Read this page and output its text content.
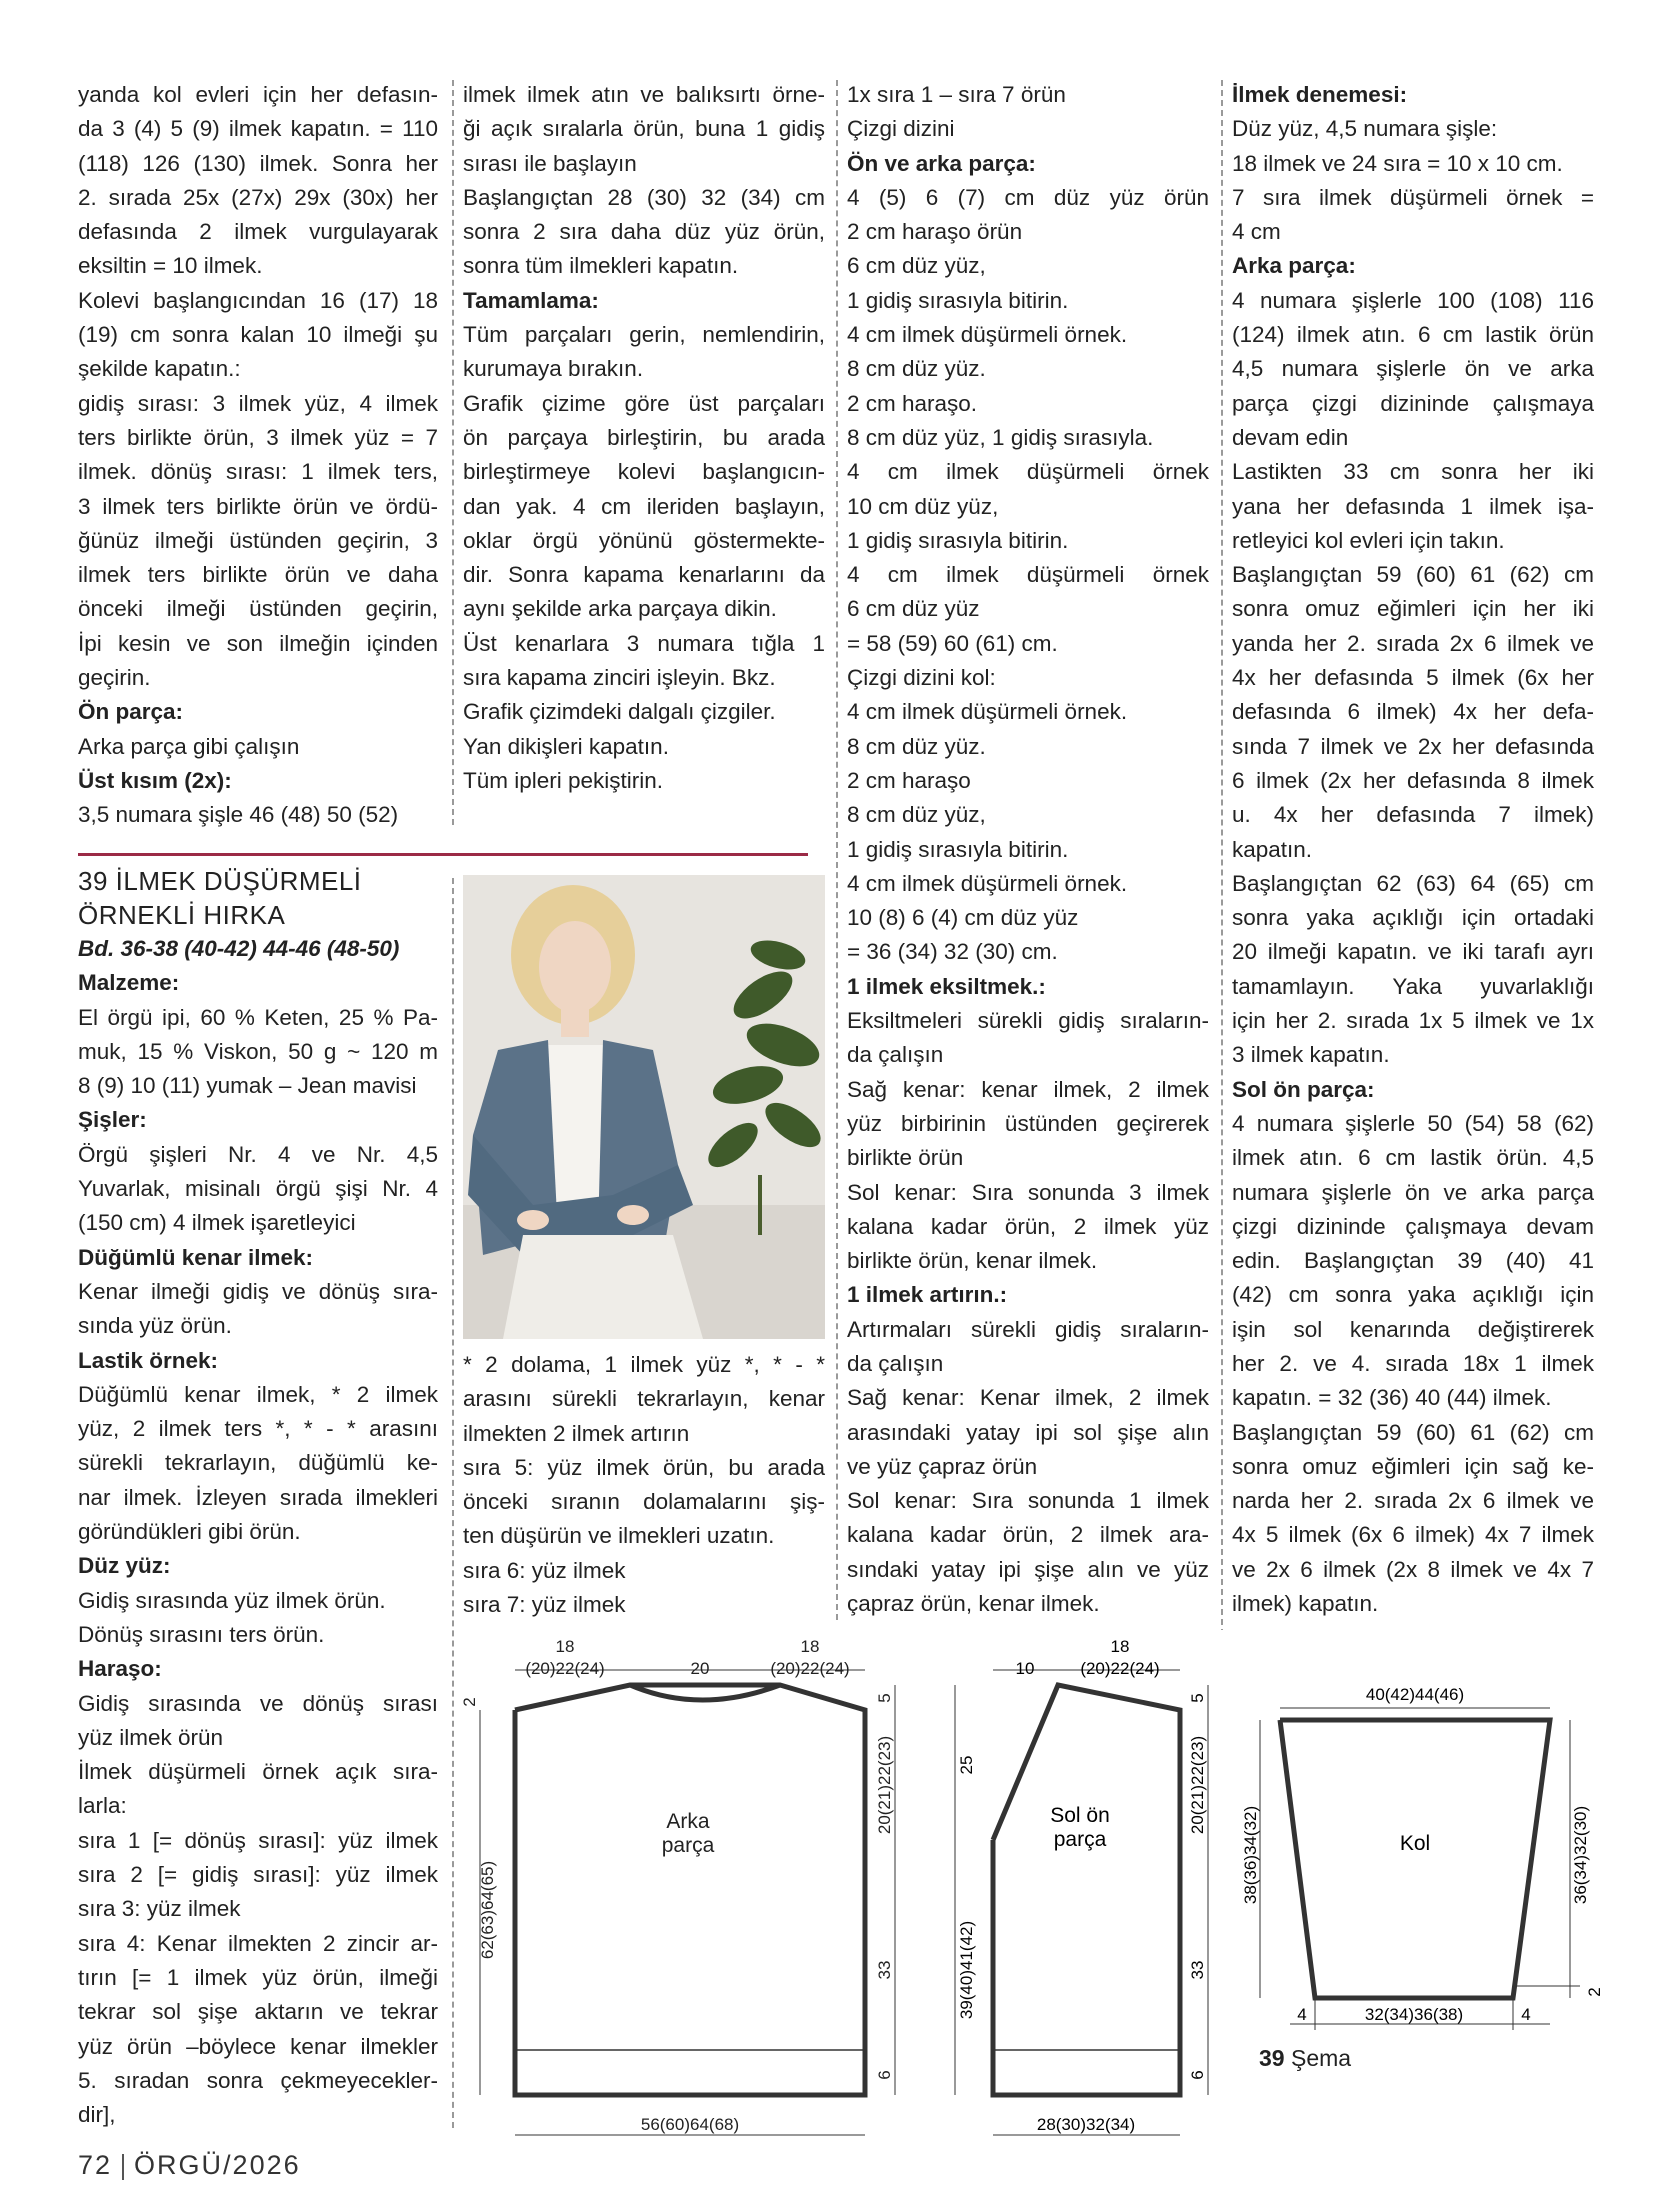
yanda kol evleri için her defasın-
da 3 (4) 5 (9) ilmek kapatın. = 110
(118) 126 (130) ilmek. Sonra her
2. sırada 25x (27x) 29x (30x) her
defasında 2 ilmek vurgulayarak
eksiltin = 10 ilmek.
Kolevi başlangıcından 16 (17) 18
(19) cm sonra kalan 10 ilmeği şu
şekilde kapatın.:
gidiş sırası: 3 ilmek yüz, 4 ilmek
ters birlikte örün, 3 ilmek yüz = 7
ilmek. dönüş sırası: 1 ilmek ters,
3 ilmek ters birlikte örün ve ördü-
ğünüz ilmeği üstünden geçirin, 3
ilmek ters birlikte örün ve daha
önceki ilmeği üstünden geçirin,
İpi kesin ve son ilmeğin içinden
geçirin.
Ön parça:
Arka parça gibi çalışın
Üst kısım (2x):
3,5 numara şişle 46 (48) 50 (52)
ilmek ilmek atın ve balıksırtı örne-
ği açık sıralarla örün, buna 1 gidiş
sırası ile başlayın
Başlangıçtan 28 (30) 32 (34) cm
sonra 2 sıra daha düz yüz örün,
sonra tüm ilmekleri kapatın.
Tamamlama:
Tüm parçaları gerin, nemlendirin,
kurumaya bırakın.
Grafik çizime göre üst parçaları
ön parçaya birleştirin, bu arada
birleştirmeye kolevi başlangıcın-
dan yak. 4 cm ileriden başlayın,
oklar örgü yönünü göstermekte-
dir. Sonra kapama kenarlarını da
aynı şekilde arka parçaya dikin.
Üst kenarlara 3 numara tığla 1
sıra kapama zinciri işleyin. Bkz.
Grafik çizimdeki dalgalı çizgiler.
Yan dikişleri kapatın.
Tüm ipleri pekiştirin.
1x sıra 1 – sıra 7 örün
Çizgi dizini
Ön ve arka parça:
4 (5) 6 (7) cm düz yüz örün
2 cm haraşo örün
6 cm düz yüz,
1 gidiş sırasıyla bitirin.
4 cm ilmek düşürmeli örnek.
8 cm düz yüz.
2 cm haraşo.
8 cm düz yüz, 1 gidiş sırasıyla.
4 cm ilmek düşürmeli örnek
10 cm düz yüz,
1 gidiş sırasıyla bitirin.
4 cm ilmek düşürmeli örnek
6 cm düz yüz
= 58 (59) 60 (61) cm.
Çizgi dizini kol:
4 cm ilmek düşürmeli örnek.
8 cm düz yüz.
2 cm haraşo
8 cm düz yüz,
1 gidiş sırasıyla bitirin.
4 cm ilmek düşürmeli örnek.
10 (8) 6 (4) cm düz yüz
= 36 (34) 32 (30) cm.
1 ilmek eksiltmek.:
Eksiltmeleri sürekli gidiş sıraların-
da çalışın
Sağ kenar: kenar ilmek, 2 ilmek
yüz birbirinin üstünden geçirerek
birlikte örün
Sol kenar: Sıra sonunda 3 ilmek
kalana kadar örün, 2 ilmek yüz
birlikte örün, kenar ilmek.
1 ilmek artırın.:
Artırmaları sürekli gidiş sıraların-
da çalışın
Sağ kenar: Kenar ilmek, 2 ilmek
arasındaki yatay ipi sol şişe alın
ve yüz çapraz örün
Sol kenar: Sıra sonunda 1 ilmek
kalana kadar örün, 2 ilmek ara-
sındaki yatay ipi şişe alın ve yüz
çapraz örün, kenar ilmek.
İlmek denemesi:
Düz yüz, 4,5 numara şişle:
18 ilmek ve 24 sıra = 10 x 10 cm.
7 sıra ilmek düşürmeli örnek =
4 cm
Arka parça:
4 numara şişlerle 100 (108) 116
(124) ilmek atın. 6 cm lastik örün
4,5 numara şişlerle ön ve arka
parça çizgi dizininde çalışmaya
devam edin
Lastikten 33 cm sonra her iki
yana her defasında 1 ilmek işa-
retleyici kol evleri için takın.
Başlangıçtan 59 (60) 61 (62) cm
sonra omuz eğimleri için her iki
yanda her 2. sırada 2x 6 ilmek ve
4x her defasında 5 ilmek (6x her
defasında 6 ilmek) 4x her defa-
sında 7 ilmek ve 2x her defasında
6 ilmek (2x her defasında 8 ilmek
u. 4x her defasında 7 ilmek)
kapatın.
Başlangıçtan 62 (63) 64 (65) cm
sonra yaka açıklığı için ortadaki
20 ilmeği kapatın. ve iki tarafı ayrı
tamamlayın. Yaka yuvarlaklığı
için her 2. sırada 1x 5 ilmek ve 1x
3 ilmek kapatın.
Sol ön parça:
4 numara şişlerle 50 (54) 58 (62)
ilmek atın. 6 cm lastik örün. 4,5
numara şişlerle ön ve arka parça
çizgi dizininde çalışmaya devam
edin. Başlangıçtan 39 (40) 41
(42) cm sonra yaka açıklığı için
işin sol kenarında değiştirerek
her 2. ve 4. sırada 18x 1 ilmek
kapatın. = 32 (36) 40 (44) ilmek.
Başlangıçtan 59 (60) 61 (62) cm
sonra omuz eğimleri için sağ ke-
narda her 2. sırada 2x 6 ilmek ve
4x 5 ilmek (6x 6 ilmek) 4x 7 ilmek
ve 2x 6 ilmek (2x 8 ilmek ve 4x 7
ilmek) kapatın.
39 İLMEK DÜŞÜRMELİ
ÖRNEKLİ HIRKA
Bd. 36-38 (40-42) 44-46 (48-50)
Malzeme:
El örgü ipi, 60 % Keten, 25 % Pa-
muk, 15 % Viskon, 50 g ~ 120 m
8 (9) 10 (11) yumak – Jean mavisi
Şişler:
Örgü şişleri Nr. 4 ve Nr. 4,5
Yuvarlak, misinalı örgü şişi Nr. 4
(150 cm) 4 ilmek işaretleyici
Düğümlü kenar ilmek:
Kenar ilmeği gidiş ve dönüş sıra-
sında yüz örün.
Lastik örnek:
Düğümlü kenar ilmek, * 2 ilmek
yüz, 2 ilmek ters *, * - * arasını
sürekli tekrarlayın, düğümlü ke-
nar ilmek. İzleyen sırada ilmekleri
göründükleri gibi örün.
Düz yüz:
Gidiş sırasında yüz ilmek örün.
Dönüş sırasını ters örün.
Haraşo:
Gidiş sırasında ve dönüş sırası
yüz ilmek örün
İlmek düşürmeli örnek açık sıra-
larla:
sıra 1 [= dönüş sırası]: yüz ilmek
sıra 2 [= gidiş sırası]: yüz ilmek
sıra 3: yüz ilmek
sıra 4: Kenar ilmekten 2 zincir ar-
tırın [= 1 ilmek yüz örün, ilmeği
tekrar sol şişe aktarın ve tekrar
yüz örün –böylece kenar ilmekler
5. sıradan sonra çekmeyecekler-
dir],
* 2 dolama, 1 ilmek yüz *, * - *
arasını sürekli tekrarlayın, kenar
ilmekten 2 ilmek artırın
sıra 5: yüz ilmek örün, bu arada
önceki sıranın dolamalarını şiş-
ten düşürün ve ilmekleri uzatın.
sıra 6: yüz ilmek
sıra 7: yüz ilmek
18
(20)22(24)	20
18
(20)22(24)
2
62(63)64(65)
5
20(21)22(23)
33
6
56(60)64(68)
Arka
parça
10
18
(20)22(24)
25
39(40)41(42)
5
20(21)22(23)
33
6
28(30)32(34)
Sol ön
parça
40(42)44(46)
38(36)34(32)	36(34)32(30)
4	32(34)36(38)	4
2
Kol
39 Şema
72 ÖRGÜ/2026
